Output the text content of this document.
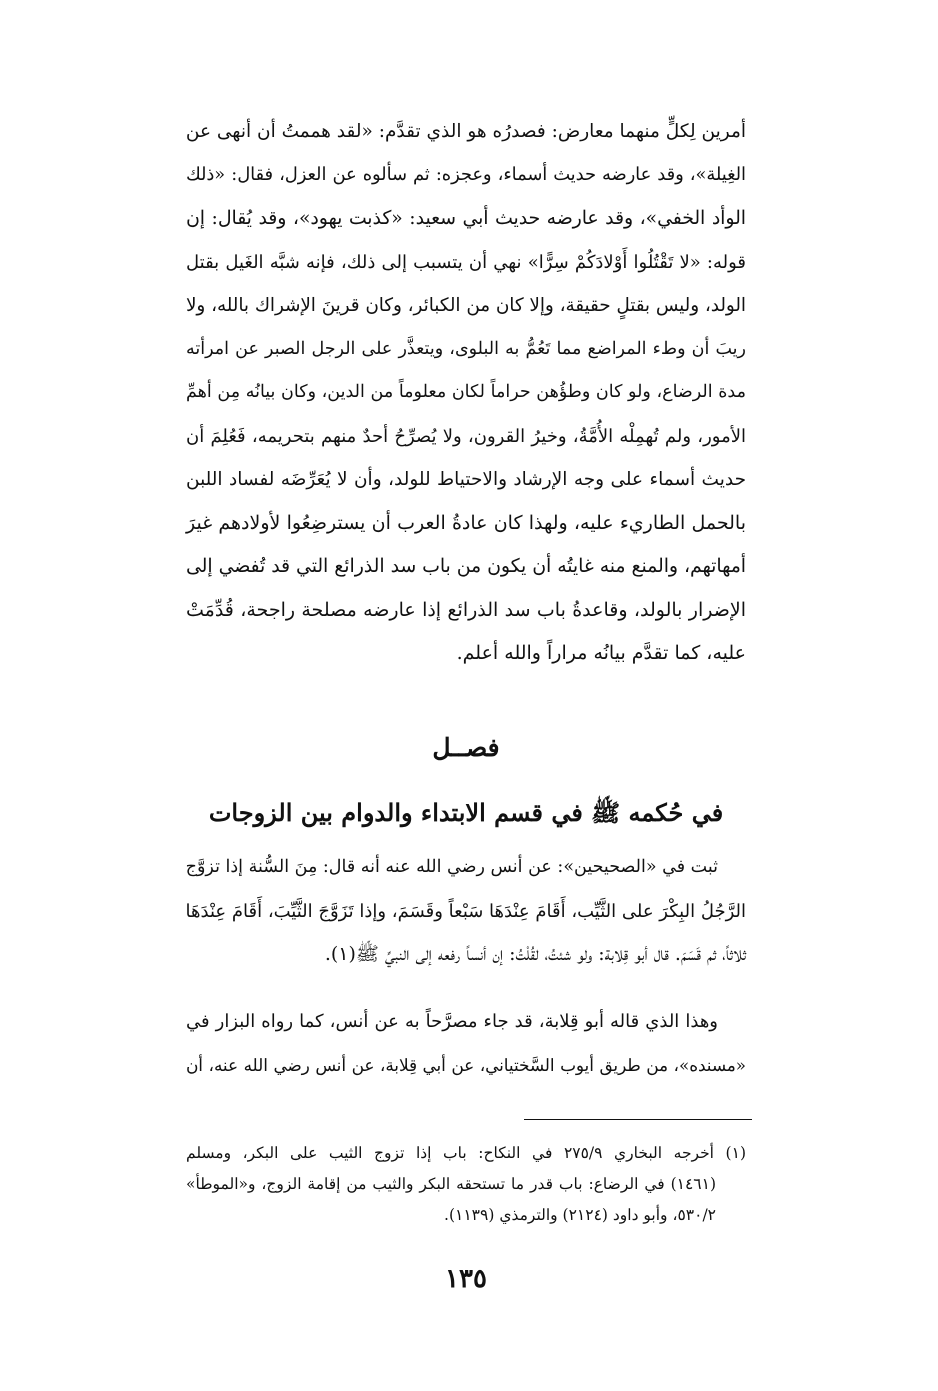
أمرين لِكلٍّ منهما معارض: فصدرُه هو الذي تقدَّم: «لقد هممتُ أن أنهى عن
الغِيلة»، وقد عارضه حديث أسماء، وعجزه: ثم سألوه عن العزل، فقال: «ذلك
الوأد الخفي»، وقد عارضه حديث أبي سعيد: «كذبت يهود»، وقد يُقال: إن
قوله: «لا تَقْتُلُوا أَوْلادَكُمْ سِرًّا» نهي أن يتسبب إلى ذلك، فإنه شبَّه الغَيل بقتل
الولد، وليس بقتلٍ حقيقة، وإلا كان من الكبائر، وكان قرينَ الإشراك بالله، ولا
ريبَ أن وطء المراضع مما تَعُمُّ به البلوى، ويتعذَّر على الرجل الصبر عن امرأته
مدة الرضاع، ولو كان وطؤُهن حراماً لكان معلوماً من الدين، وكان بيانُه مِن أهمِّ
الأمور، ولم تُهمِلْه الأُمَّةُ، وخيرُ القرون، ولا يُصرِّحُ أحدٌ منهم بتحريمه، فَعُلِمَ أن
حديث أسماء على وجه الإرشاد والاحتياط للولد، وأن لا يُعَرِّضَه لفساد اللبن
بالحمل الطاريء عليه، ولهذا كان عادةُ العرب أن يسترضِعُوا لأولادهم غيرَ
أمهاتهم، والمنع منه غايتُه أن يكون من باب سد الذرائع التي قد تُفضي إلى
الإضرار بالولد، وقاعدةُ باب سد الذرائع إذا عارضه مصلحة راجحة، قُدِّمَتْ
عليه، كما تقدَّم بيانُه مراراً والله أعلم.
فصــل
في حُكمه ﷺ في قسم الابتداء والدوام بين الزوجات
ثبت في «الصحيحين»: عن أنس رضي الله عنه أنه قال: مِنَ السُّنة إذا تزوَّج
الرَّجُلُ البِكْرَ على الثَّيِّب، أَقَامَ عِنْدَهَا سَبْعاً وقَسَمَ، وإذا تَزَوَّجَ الثَّيِّبَ، أَقَامَ عِنْدَهَا
ثلاثاً، ثم قَسَمَ. قال أبو قِلابة: ولو شئتُ، لقُلْتُ: إن أنساً رفعه إلى النبيِّ ﷺ(١).
وهذا الذي قاله أبو قِلابة، قد جاء مصرَّحاً به عن أنس، كما رواه البزار في
«مسنده»، من طريق أيوب السَّختياني، عن أبي قِلابة، عن أنس رضي الله عنه، أن
(١) أخرجه البخاري ٢٧٥/٩ في النكاح: باب إذا تزوج الثيب على البكر، ومسلم
(١٤٦١) في الرضاع: باب قدر ما تستحقه البكر والثيب من إقامة الزوج، و«الموطأ»
٥٣٠/٢، وأبو داود (٢١٢٤) والترمذي (١١٣٩).
١٣٥
